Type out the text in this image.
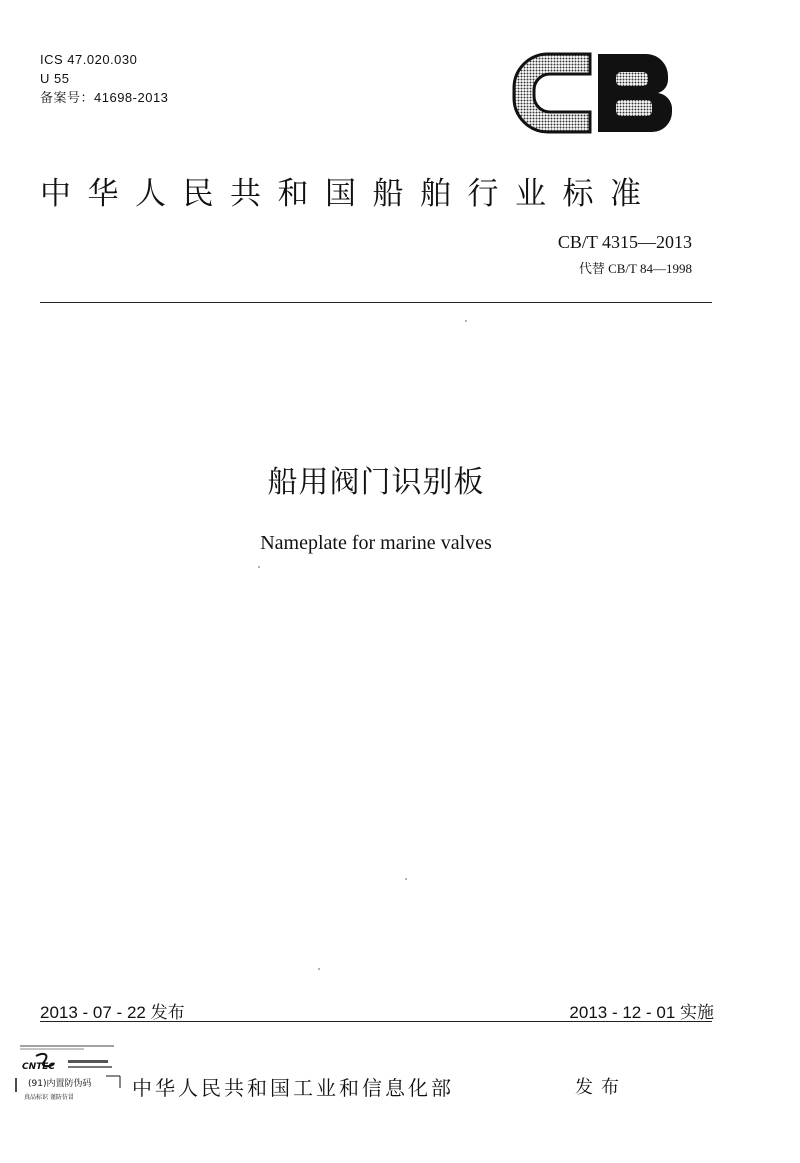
ICS 47.020.030
U 55
备案号：41698-2013
CB
中华人民共和国船舶行业标准
CB/T 4315—2013
代替 CB/T 84—1998
船用阀门识别板
Nameplate for marine valves
2013 - 07 - 22 发布	2013 - 12 - 01 实施
CNTEC
(91)内置防伪码
真品标识 谨防仿冒	中华人民共和国工业和信息化部	发布
